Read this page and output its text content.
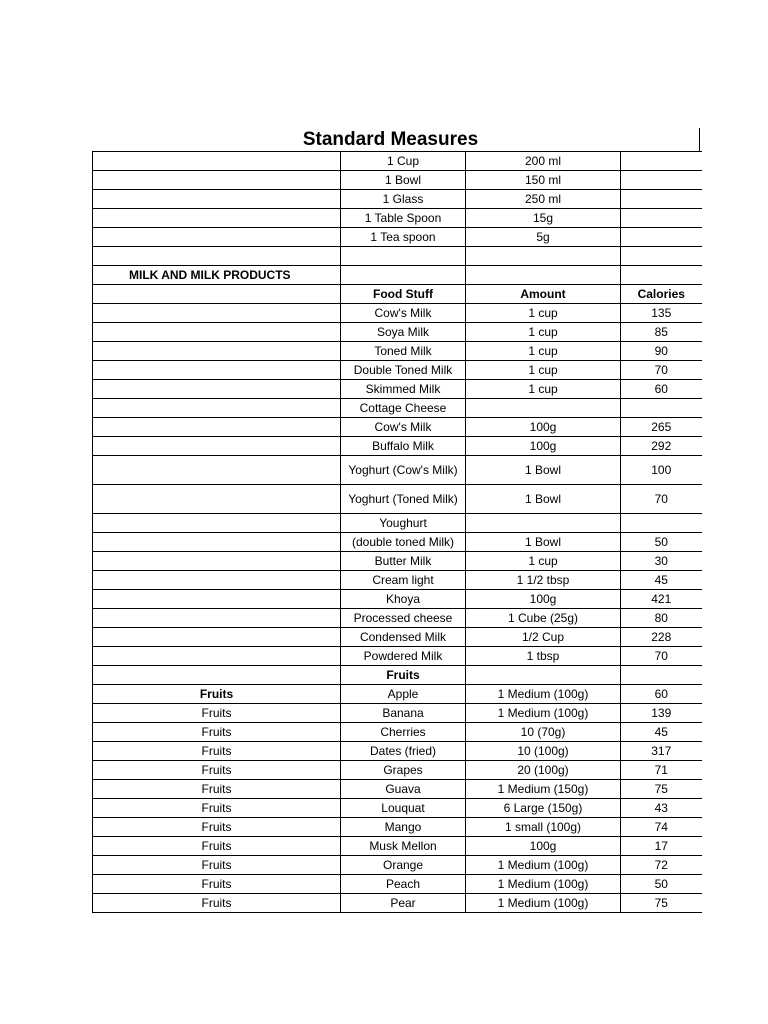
Standard Measures
	1 Cup	200 ml	
	1 Bowl	150 ml	
	1 Glass	250 ml	
	1 Table Spoon	15g	
	1 Tea spoon	5g	

MILK AND MILK PRODUCTS			
	Food Stuff	Amount	Calories
	Cow's Milk	1 cup	135
	Soya Milk	1 cup	85
	Toned Milk	1 cup	90
	Double Toned Milk	1 cup	70
	Skimmed Milk	1 cup	60
	Cottage Cheese		
	Cow's Milk	100g	265
	Buffalo Milk	100g	292
	Yoghurt (Cow's Milk)	1 Bowl	100
	Yoghurt (Toned Milk)	1 Bowl	70
	Youghurt		
	(double toned Milk)	1 Bowl	50
	Butter Milk	1 cup	30
	Cream light	1 1/2 tbsp	45
	Khoya	100g	421
	Processed cheese	1 Cube (25g)	80
	Condensed Milk	1/2 Cup	228
	Powdered Milk	1 tbsp	70
	Fruits		
Fruits	Apple	1 Medium (100g)	60
Fruits	Banana	1 Medium (100g)	139
Fruits	Cherries	10 (70g)	45
Fruits	Dates (fried)	10 (100g)	317
Fruits	Grapes	20 (100g)	71
Fruits	Guava	1 Medium (150g)	75
Fruits	Louquat	6 Large (150g)	43
Fruits	Mango	1 small (100g)	74
Fruits	Musk Mellon	100g	17
Fruits	Orange	1 Medium (100g)	72
Fruits	Peach	1 Medium (100g)	50
Fruits	Pear	1 Medium (100g)	75
